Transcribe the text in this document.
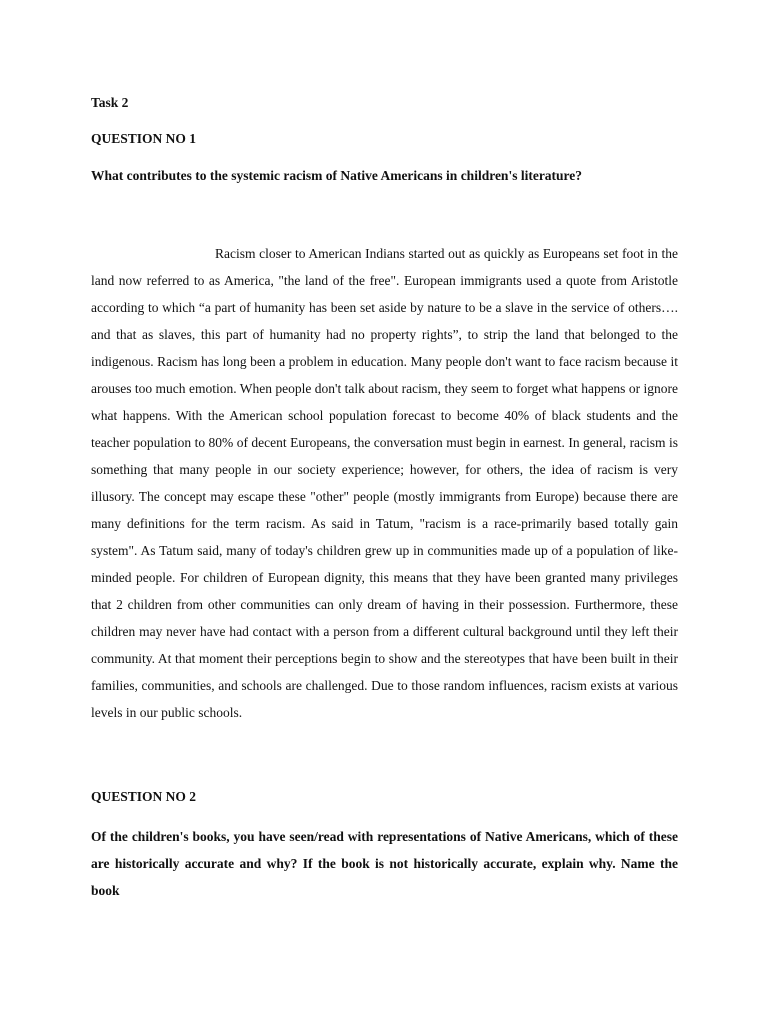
Task 2

QUESTION NO 1

What contributes to the systemic racism of Native Americans in children's literature?

Racism closer to American Indians started out as quickly as Europeans set foot in the land now referred to as America, "the land of the free". European immigrants used a quote from Aristotle according to which “a part of humanity has been set aside by nature to be a slave in the service of others…. and that as slaves, this part of humanity had no property rights”, to strip the land that belonged to the indigenous. Racism has long been a problem in education. Many people don't want to face racism because it arouses too much emotion. When people don't talk about racism, they seem to forget what happens or ignore what happens. With the American school population forecast to become 40% of black students and the teacher population to 80% of decent Europeans, the conversation must begin in earnest. In general, racism is something that many people in our society experience; however, for others, the idea of racism is very illusory. The concept may escape these "other" people (mostly immigrants from Europe) because there are many definitions for the term racism. As said in Tatum, "racism is a race-primarily based totally gain system". As Tatum said, many of today's children grew up in communities made up of a population of like-minded people. For children of European dignity, this means that they have been granted many privileges that 2 children from other communities can only dream of having in their possession. Furthermore, these children may never have had contact with a person from a different cultural background until they left their community. At that moment their perceptions begin to show and the stereotypes that have been built in their families, communities, and schools are challenged. Due to those random influences, racism exists at various levels in our public schools.

QUESTION NO 2

Of the children's books, you have seen/read with representations of Native Americans, which of these are historically accurate and why? If the book is not historically accurate, explain why. Name the book
